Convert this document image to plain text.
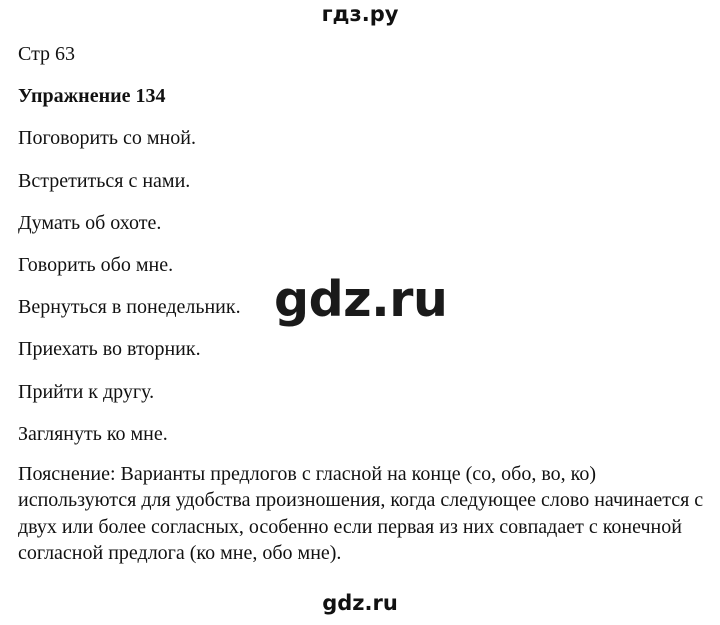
гдз.ру
Стр 63
Упражнение 134
Поговорить со мной.
Встретиться с нами.
Думать об охоте.
Говорить обо мне.
Вернуться в понедельник.
Приехать во вторник.
Прийти к другу.
Заглянуть ко мне.
Пояснение: Варианты предлогов с гласной на конце (со, обо, во, ко) используются для удобства произношения, когда следующее слово начинается с двух или более согласных, особенно если первая из них совпадает с конечной согласной предлога (ко мне, обо мне).
gdz.ru
gdz.ru
